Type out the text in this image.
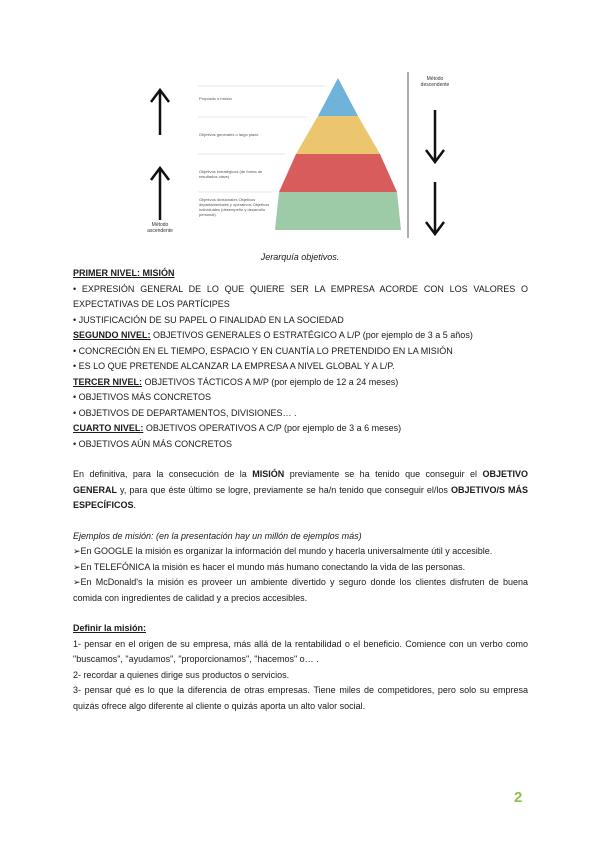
Propósito o misión
Objetivos generales o largo plazo
Objetivos estratégicos (de forma de resultados clave)
Objetivos divisionales Objetivos departamentales y operativos Objetivos individuales (desempeño y desarrollo personal)
Método ascendente
Método descendente
Jerarquía objetivos.

PRIMER NIVEL: MISIÓN

• EXPRESIÓN GENERAL DE LO QUE QUIERE SER LA EMPRESA ACORDE CON LOS VALORES O EXPECTATIVAS DE LOS PARTÍCIPES

• JUSTIFICACIÓN DE SU PAPEL O FINALIDAD EN LA SOCIEDAD

SEGUNDO NIVEL: OBJETIVOS GENERALES O ESTRATÉGICO A L/P (por ejemplo de 3 a 5 años)

• CONCRECIÓN EN EL TIEMPO, ESPACIO Y EN CUANTÍA LO PRETENDIDO EN LA MISIÓN

• ES LO QUE PRETENDE ALCANZAR LA EMPRESA A NIVEL GLOBAL Y A L/P.

TERCER NIVEL: OBJETIVOS TÁCTICOS A M/P (por ejemplo de 12 a 24 meses)

• OBJETIVOS MÁS CONCRETOS

• OBJETIVOS DE DEPARTAMENTOS, DIVISIONES… .

CUARTO NIVEL: OBJETIVOS OPERATIVOS A C/P (por ejemplo de 3 a 6 meses)

• OBJETIVOS AÚN MÁS CONCRETOS

En definitiva, para la consecución de la MISIÓN previamente se ha tenido que conseguir el OBJETIVO GENERAL y, para que éste último se logre, previamente se ha/n tenido que conseguir el/los OBJETIVO/S MÁS ESPECÍFICOS.

Ejemplos de misión: (en la presentación hay un millón de ejemplos más)

➢En GOOGLE la misión es organizar la información del mundo y hacerla universalmente útil y accesible.

➢En TELEFÓNICA la misión es hacer el mundo más humano conectando la vida de las personas.

➢En McDonald's la misión es proveer un ambiente divertido y seguro donde los clientes disfruten de buena comida con ingredientes de calidad y a precios accesibles.

Definir la misión:

1- pensar en el origen de su empresa, más allá de la rentabilidad o el beneficio. Comience con un verbo como "buscamos", "ayudamos", "proporcionamos", "hacemos" o… .

2- recordar a quienes dirige sus productos o servicios.

3- pensar qué es lo que la diferencia de otras empresas. Tiene miles de competidores, pero solo su empresa quizás ofrece algo diferente al cliente o quizás aporta un alto valor social.

2
